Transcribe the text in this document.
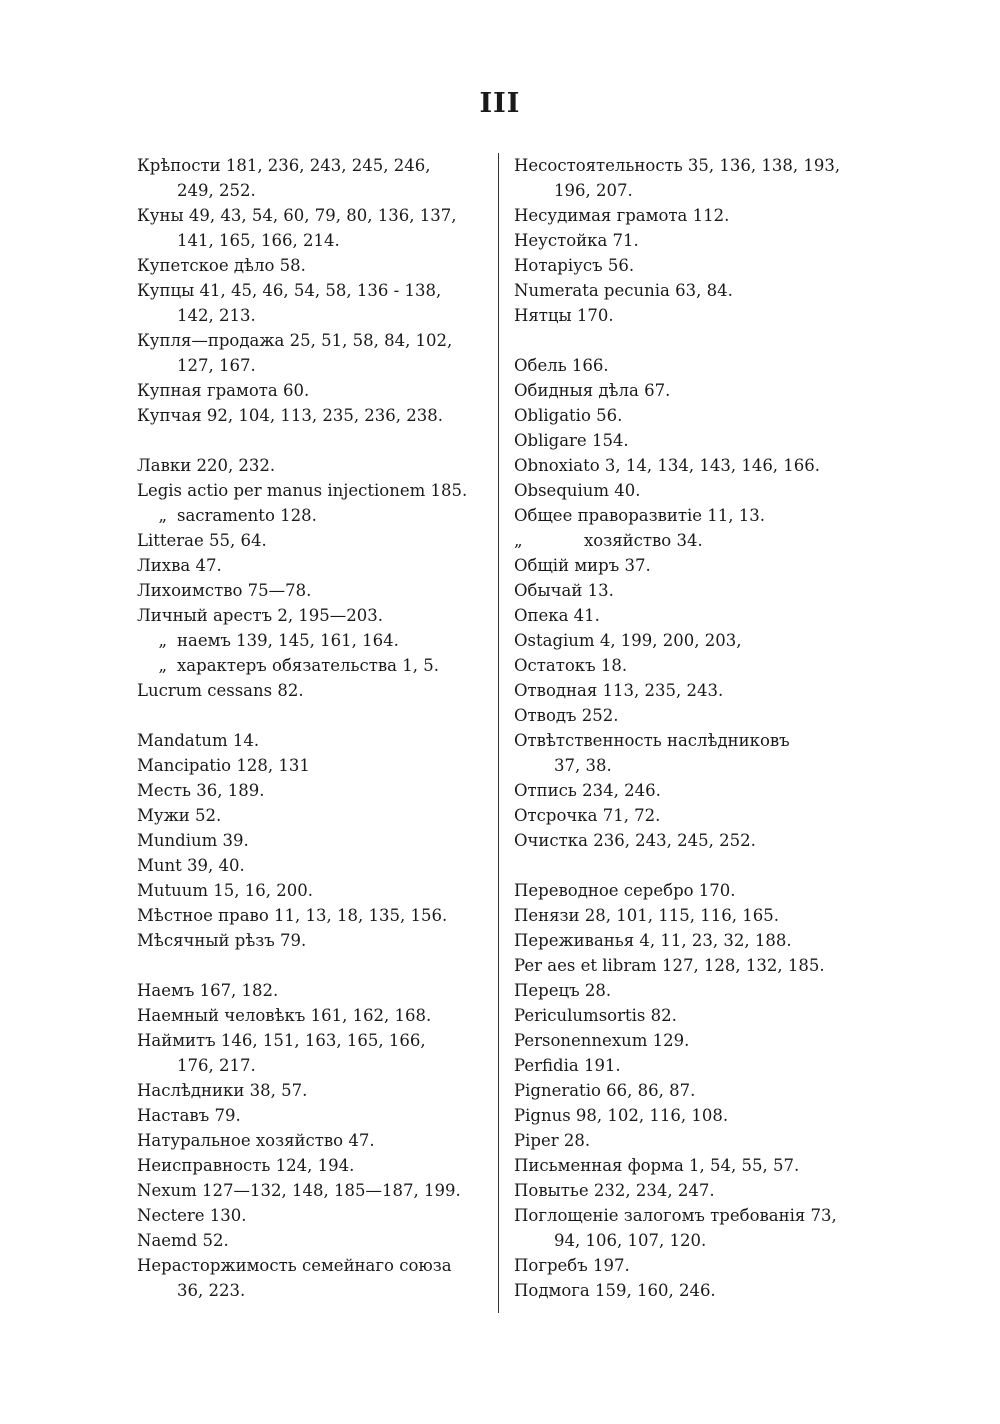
III

Крѣпости 181, 236, 243, 245, 246,
249, 252.

Куны 49, 43, 54, 60, 79, 80, 136, 137,
141, 165, 166, 214.

Купетское дѣло 58.

Купцы 41, 45, 46, 54, 58, 136 - 138,
142, 213.

Купля—продажа 25, 51, 58, 84, 102,
127, 167.

Купная грамота 60.

Купчая 92, 104, 113, 235, 236, 238.

Лавки 220, 232.

Legis actio per manus injectionem 185.

„ sacramento 128.

Litterae 55, 64.

Лихва 47.

Лихоимство 75—78.

Личный арестъ 2, 195—203.

„ наемъ 139, 145, 161, 164.

„ характеръ обязательства 1, 5.

Lucrum cessans 82.

Mandatum 14.

Mancipatio 128, 131

Месть 36, 189.

Мужи 52.

Mundium 39.

Munt 39, 40.

Mutuum 15, 16, 200.

Мѣстное право 11, 13, 18, 135, 156.

Мѣсячный рѣзъ 79.

Наемъ 167, 182.

Наемный человѣкъ 161, 162, 168.

Наймитъ 146, 151, 163, 165, 166,
176, 217.

Наслѣдники 38, 57.

Наставъ 79.

Натуральное хозяйство 47.

Неисправность 124, 194.

Nexum 127—132, 148, 185—187, 199.

Nectere 130.

Naemd 52.

Нерасторжимость семейнаго союза
36, 223.

Несостоятельность 35, 136, 138, 193,
196, 207.

Несудимая грамота 112.

Неустойка 71.

Нотаріусъ 56.

Numerata pecunia 63, 84.

Нятцы 170.

Обель 166.

Обидныя дѣла 67.

Obligatio 56.

Obligare 154.

Obnoxiato 3, 14, 134, 143, 146, 166.

Obsequium 40.

Общее праворазвитіе 11, 13.

„	хозяйство 34.

Общій миръ 37.

Обычай 13.

Опека 41.

Ostagium 4, 199, 200, 203,

Остатокъ 18.

Отводная 113, 235, 243.

Отводъ 252.

Отвѣтственность наслѣдниковъ
37, 38.

Отпись 234, 246.

Отсрочка 71, 72.

Очистка 236, 243, 245, 252.

Переводное серебро 170.

Пенязи 28, 101, 115, 116, 165.

Переживанья 4, 11, 23, 32, 188.

Per aes et libram 127, 128, 132, 185.

Перецъ 28.

Periculumsortis 82.

Personennexum 129.

Perfidia 191.

Pigneratio 66, 86, 87.

Pignus 98, 102, 116, 108.

Piper 28.

Письменная форма 1, 54, 55, 57.

Повытье 232, 234, 247.

Поглощеніе залогомъ требованія 73,
94, 106, 107, 120.

Погребъ 197.

Подмога 159, 160, 246.
